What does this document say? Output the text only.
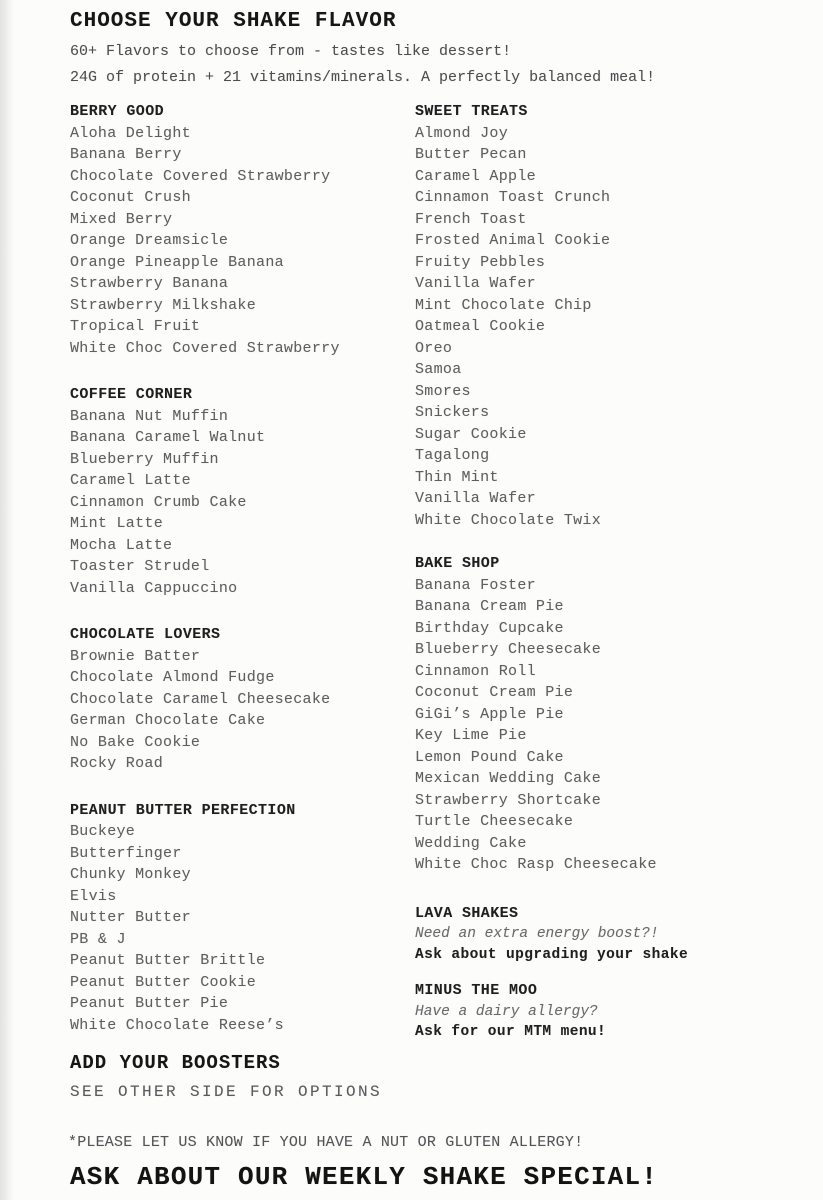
CHOOSE YOUR SHAKE FLAVOR

60+ Flavors to choose from - tastes like dessert!

24G of protein + 21 vitamins/minerals. A perfectly balanced meal!

BERRY GOOD
Aloha Delight
Banana Berry
Chocolate Covered Strawberry
Coconut Crush
Mixed Berry
Orange Dreamsicle
Orange Pineapple Banana
Strawberry Banana
Strawberry Milkshake
Tropical Fruit
White Choc Covered Strawberry
COFFEE CORNER
Banana Nut Muffin
Banana Caramel Walnut
Blueberry Muffin
Caramel Latte
Cinnamon Crumb Cake
Mint Latte
Mocha Latte
Toaster Strudel
Vanilla Cappuccino
CHOCOLATE LOVERS
Brownie Batter
Chocolate Almond Fudge
Chocolate Caramel Cheesecake
German Chocolate Cake
No Bake Cookie
Rocky Road
PEANUT BUTTER PERFECTION
Buckeye
Butterfinger
Chunky Monkey
Elvis
Nutter Butter
PB & J
Peanut Butter Brittle
Peanut Butter Cookie
Peanut Butter Pie
White Chocolate Reese’s
SWEET TREATS
Almond Joy
Butter Pecan
Caramel Apple
Cinnamon Toast Crunch
French Toast
Frosted Animal Cookie
Fruity Pebbles
Vanilla Wafer
Mint Chocolate Chip
Oatmeal Cookie
Oreo
Samoa
Smores
Snickers
Sugar Cookie
Tagalong
Thin Mint
Vanilla Wafer
White Chocolate Twix
BAKE SHOP
Banana Foster
Banana Cream Pie
Birthday Cupcake
Blueberry Cheesecake
Cinnamon Roll
Coconut Cream Pie
GiGi’s Apple Pie
Key Lime Pie
Lemon Pound Cake
Mexican Wedding Cake
Strawberry Shortcake
Turtle Cheesecake
Wedding Cake
White Choc Rasp Cheesecake
LAVA SHAKES

Need an extra energy boost?!

Ask about upgrading your shake

MINUS THE MOO

Have a dairy allergy?

Ask for our MTM menu!

ADD YOUR BOOSTERS
SEE OTHER SIDE FOR OPTIONS

*PLEASE LET US KNOW IF YOU HAVE A NUT OR GLUTEN ALLERGY!

ASK ABOUT OUR WEEKLY SHAKE SPECIAL!
